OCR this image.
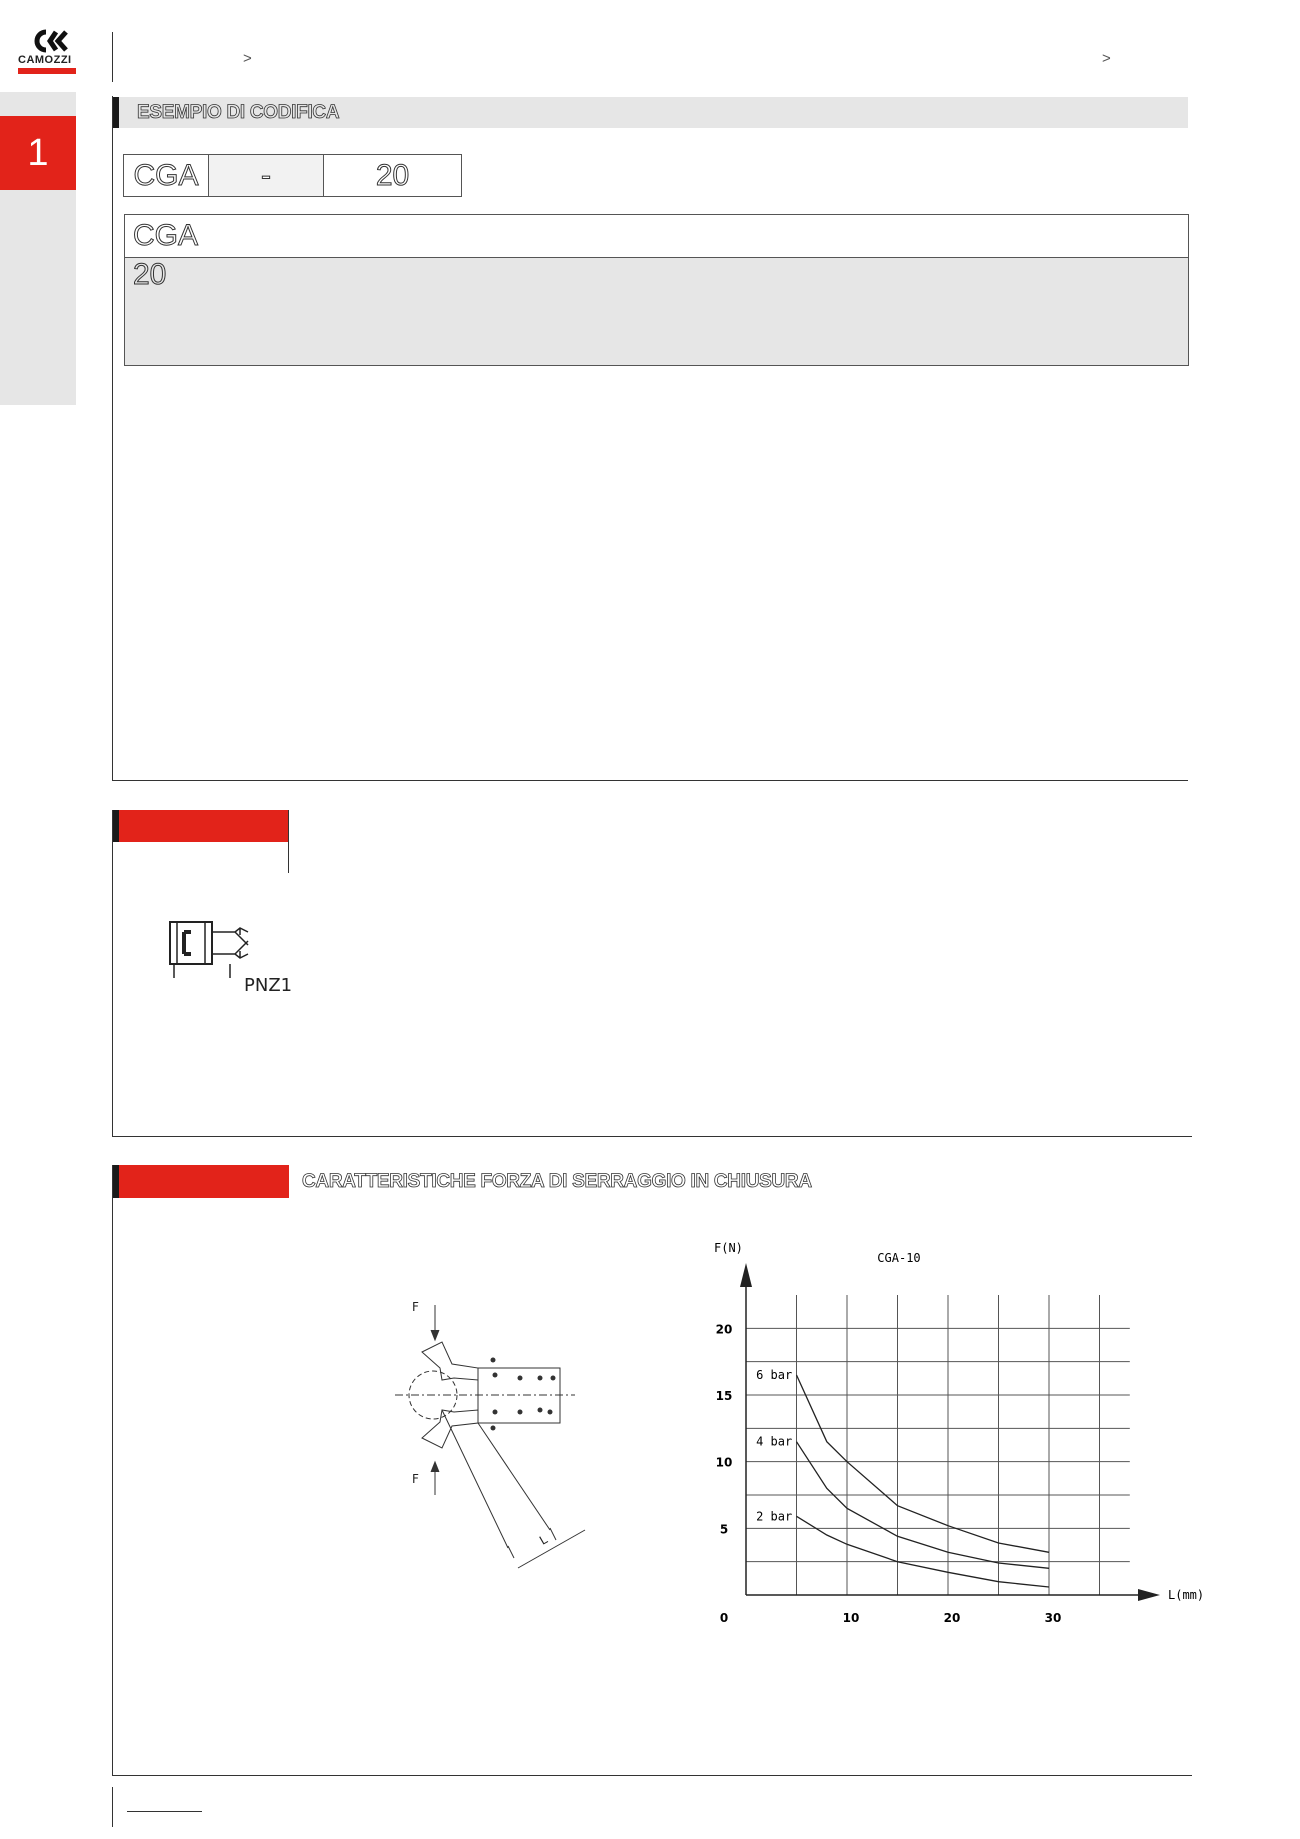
CAMOZZI
1
>	>
ESEMPIO DI CODIFICA
CGA	-	20
CGA
20
PNZ1
CARATTERISTICHE FORZA DI SERRAGGIO IN CHIUSURA
F
F
L
0	10	20	30
5
10
15
20
F(N)
L(mm)
CGA-10
6 bar
4 bar
2 bar
